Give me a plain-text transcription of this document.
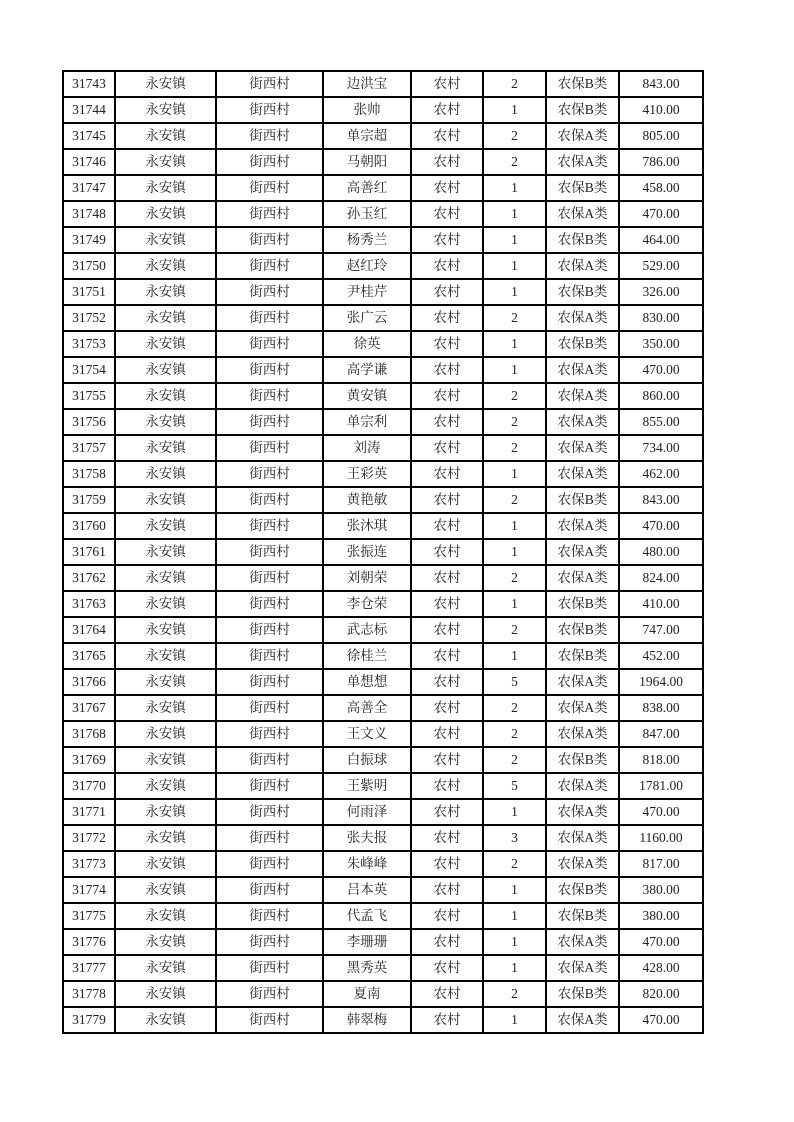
31743	永安镇	街西村	边洪宝	农村	2	农保B类	843.00
31744	永安镇	街西村	张帅	农村	1	农保B类	410.00
31745	永安镇	街西村	单宗超	农村	2	农保A类	805.00
31746	永安镇	街西村	马朝阳	农村	2	农保A类	786.00
31747	永安镇	街西村	高善红	农村	1	农保B类	458.00
31748	永安镇	街西村	孙玉红	农村	1	农保A类	470.00
31749	永安镇	街西村	杨秀兰	农村	1	农保B类	464.00
31750	永安镇	街西村	赵红玲	农村	1	农保A类	529.00
31751	永安镇	街西村	尹桂芹	农村	1	农保B类	326.00
31752	永安镇	街西村	张广云	农村	2	农保A类	830.00
31753	永安镇	街西村	徐英	农村	1	农保B类	350.00
31754	永安镇	街西村	高学谦	农村	1	农保A类	470.00
31755	永安镇	街西村	黄安镇	农村	2	农保A类	860.00
31756	永安镇	街西村	单宗利	农村	2	农保A类	855.00
31757	永安镇	街西村	刘涛	农村	2	农保A类	734.00
31758	永安镇	街西村	王彩英	农村	1	农保A类	462.00
31759	永安镇	街西村	黄艳敏	农村	2	农保B类	843.00
31760	永安镇	街西村	张沐琪	农村	1	农保A类	470.00
31761	永安镇	街西村	张振连	农村	1	农保A类	480.00
31762	永安镇	街西村	刘朝荣	农村	2	农保A类	824.00
31763	永安镇	街西村	李仓荣	农村	1	农保B类	410.00
31764	永安镇	街西村	武志标	农村	2	农保B类	747.00
31765	永安镇	街西村	徐桂兰	农村	1	农保B类	452.00
31766	永安镇	街西村	单想想	农村	5	农保A类	1964.00
31767	永安镇	街西村	高善全	农村	2	农保A类	838.00
31768	永安镇	街西村	王文义	农村	2	农保A类	847.00
31769	永安镇	街西村	白振球	农村	2	农保B类	818.00
31770	永安镇	街西村	王紫明	农村	5	农保A类	1781.00
31771	永安镇	街西村	何雨泽	农村	1	农保A类	470.00
31772	永安镇	街西村	张夫报	农村	3	农保A类	1160.00
31773	永安镇	街西村	朱峰峰	农村	2	农保A类	817.00
31774	永安镇	街西村	吕本英	农村	1	农保B类	380.00
31775	永安镇	街西村	代孟飞	农村	1	农保B类	380.00
31776	永安镇	街西村	李珊珊	农村	1	农保A类	470.00
31777	永安镇	街西村	黑秀英	农村	1	农保A类	428.00
31778	永安镇	街西村	夏南	农村	2	农保B类	820.00
31779	永安镇	街西村	韩翠梅	农村	1	农保A类	470.00
